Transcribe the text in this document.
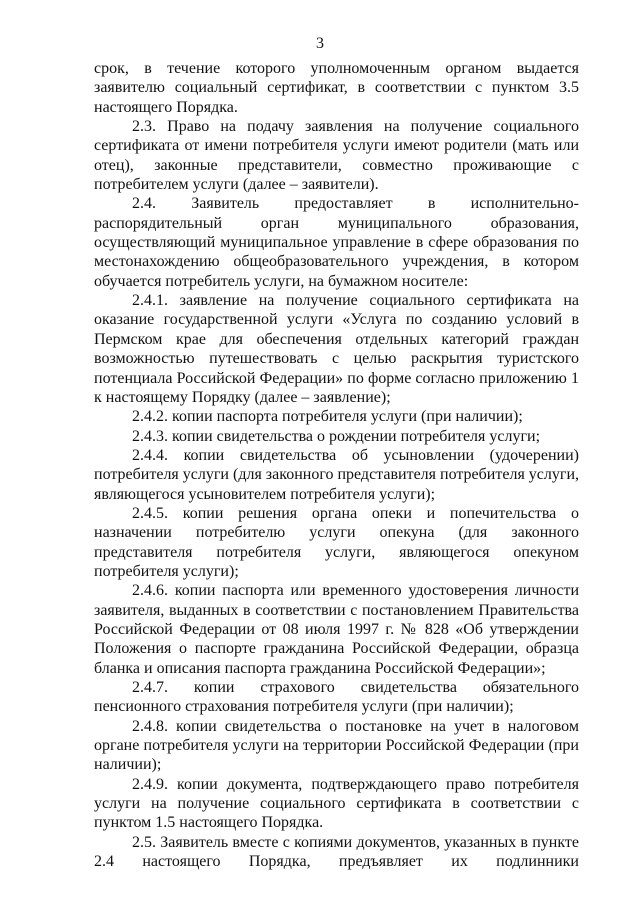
3

срок, в течение которого уполномоченным органом выдается заявителю социальный сертификат, в соответствии с пунктом 3.5 настоящего Порядка.

2.3. Право на подачу заявления на получение социального сертификата от имени потребителя услуги имеют родители (мать или отец), законные представители, совместно проживающие с потребителем услуги (далее – заявители).

2.4. Заявитель предоставляет в исполнительно-распорядительный орган муниципального образования, осуществляющий муниципальное управление в сфере образования по местонахождению общеобразовательного учреждения, в котором обучается потребитель услуги, на бумажном носителе:

2.4.1. заявление на получение социального сертификата на оказание государственной услуги «Услуга по созданию условий в Пермском крае для обеспечения отдельных категорий граждан возможностью путешествовать с целью раскрытия туристского потенциала Российской Федерации» по форме согласно приложению 1 к настоящему Порядку (далее – заявление);

2.4.2. копии паспорта потребителя услуги (при наличии);

2.4.3. копии свидетельства о рождении потребителя услуги;

2.4.4. копии свидетельства об усыновлении (удочерении) потребителя услуги (для законного представителя потребителя услуги, являющегося усыновителем потребителя услуги);

2.4.5. копии решения органа опеки и попечительства о назначении потребителю услуги опекуна (для законного представителя потребителя услуги, являющегося опекуном потребителя услуги);

2.4.6. копии паспорта или временного удостоверения личности заявителя, выданных в соответствии с постановлением Правительства Российской Федерации от 08 июля 1997 г. № 828 «Об утверждении Положения о паспорте гражданина Российской Федерации, образца бланка и описания паспорта гражданина Российской Федерации»;

2.4.7. копии страхового свидетельства обязательного пенсионного страхования потребителя услуги (при наличии);

2.4.8. копии свидетельства о постановке на учет в налоговом органе потребителя услуги на территории Российской Федерации (при наличии);

2.4.9. копии документа, подтверждающего право потребителя услуги на получение социального сертификата в соответствии с пунктом 1.5 настоящего Порядка.

2.5. Заявитель вместе с копиями документов, указанных в пункте 2.4 настоящего Порядка, предъявляет их подлинники
